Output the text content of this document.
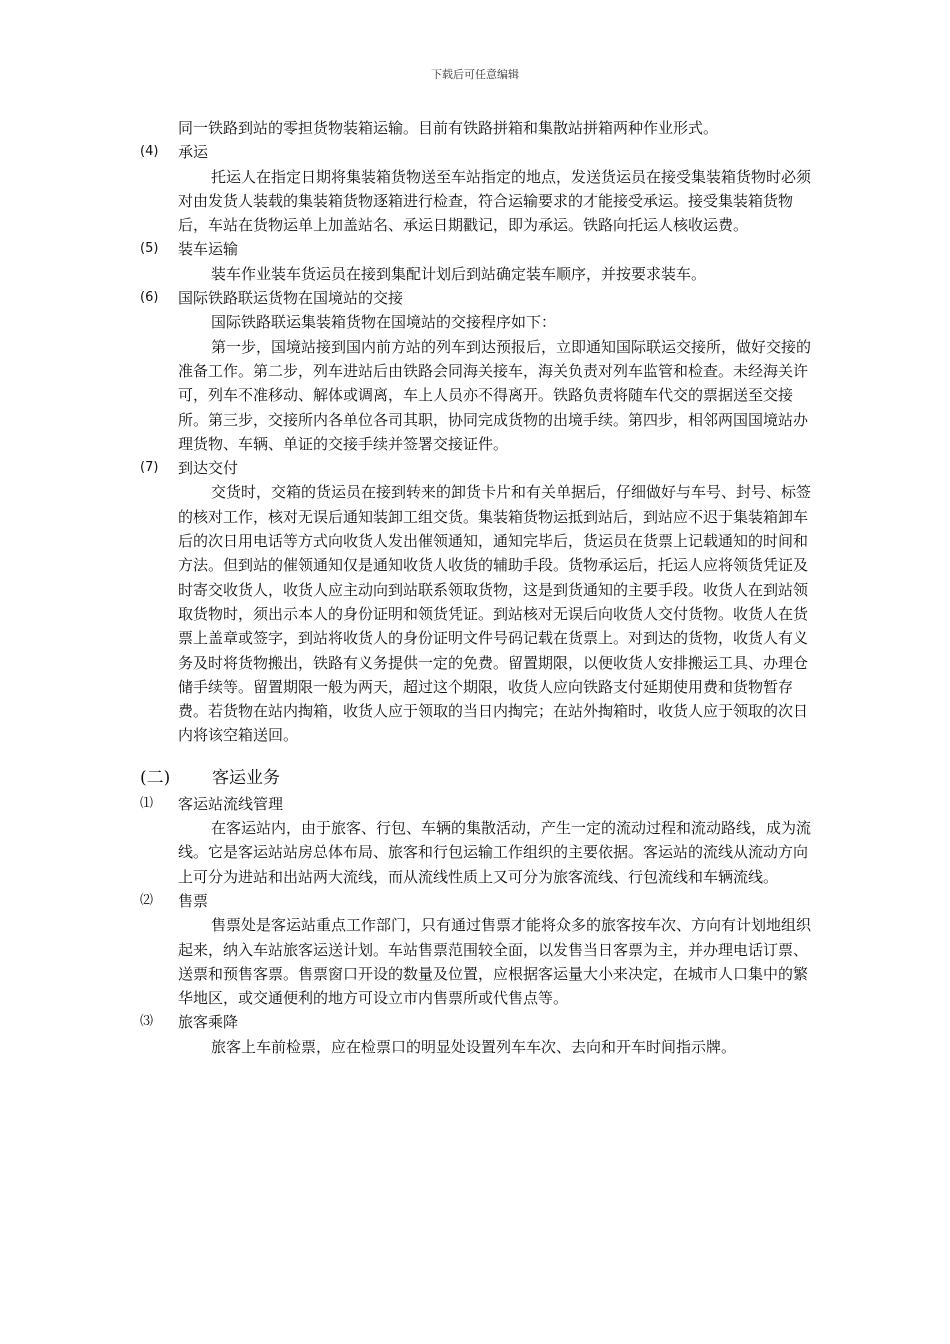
下载后可任意编辑

同一铁路到站的零担货物装箱运输。目前有铁路拼箱和集散站拼箱两种作业形式。

(4)	承运

托运人在指定日期将集装箱货物送至车站指定的地点，发送货运员在接受集装箱货物时必须对由发货人装载的集装箱货物逐箱进行检查，符合运输要求的才能接受承运。接受集装箱货物后，车站在货物运单上加盖站名、承运日期戳记，即为承运。铁路向托运人核收运费。

(5)	装车运输

装车作业装车货运员在接到集配计划后到站确定装车顺序，并按要求装车。

(6)	国际铁路联运货物在国境站的交接

国际铁路联运集装箱货物在国境站的交接程序如下：

第一步，国境站接到国内前方站的列车到达预报后，立即通知国际联运交接所，做好交接的准备工作。第二步，列车进站后由铁路会同海关接车，海关负责对列车监管和检查。未经海关许可，列车不准移动、解体或调离，车上人员亦不得离开。铁路负责将随车代交的票据送至交接所。第三步，交接所内各单位各司其职，协同完成货物的出境手续。第四步，相邻两国国境站办理货物、车辆、单证的交接手续并签署交接证件。

(7)	到达交付

交货时，交箱的货运员在接到转来的卸货卡片和有关单据后，仔细做好与车号、封号、标签的核对工作，核对无误后通知装卸工组交货。集装箱货物运抵到站后，到站应不迟于集装箱卸车后的次日用电话等方式向收货人发出催领通知，通知完毕后，货运员在货票上记载通知的时间和方法。但到站的催领通知仅是通知收货人收货的辅助手段。货物承运后，托运人应将领货凭证及时寄交收货人，收货人应主动向到站联系领取货物，这是到货通知的主要手段。收货人在到站领取货物时，须出示本人的身份证明和领货凭证。到站核对无误后向收货人交付货物。收货人在货票上盖章或签字，到站将收货人的身份证明文件号码记载在货票上。对到达的货物，收货人有义务及时将货物搬出，铁路有义务提供一定的免费。留置期限，以便收货人安排搬运工具、办理仓储手续等。留置期限一般为两天，超过这个期限，收货人应向铁路支付延期使用费和货物暂存费。若货物在站内掏箱，收货人应于领取的当日内掏完；在站外掏箱时，收货人应于领取的次日内将该空箱送回。

(二)	客运业务
⑴	客运站流线管理

在客运站内，由于旅客、行包、车辆的集散活动，产生一定的流动过程和流动路线，成为流线。它是客运站站房总体布局、旅客和行包运输工作组织的主要依据。客运站的流线从流动方向上可分为进站和出站两大流线，而从流线性质上又可分为旅客流线、行包流线和车辆流线。

⑵	售票

售票处是客运站重点工作部门，只有通过售票才能将众多的旅客按车次、方向有计划地组织起来，纳入车站旅客运送计划。车站售票范围较全面，以发售当日客票为主，并办理电话订票、送票和预售客票。售票窗口开设的数量及位置，应根据客运量大小来决定，在城市人口集中的繁华地区，或交通便利的地方可设立市内售票所或代售点等。

⑶	旅客乘降

旅客上车前检票，应在检票口的明显处设置列车车次、去向和开车时间指示牌。
